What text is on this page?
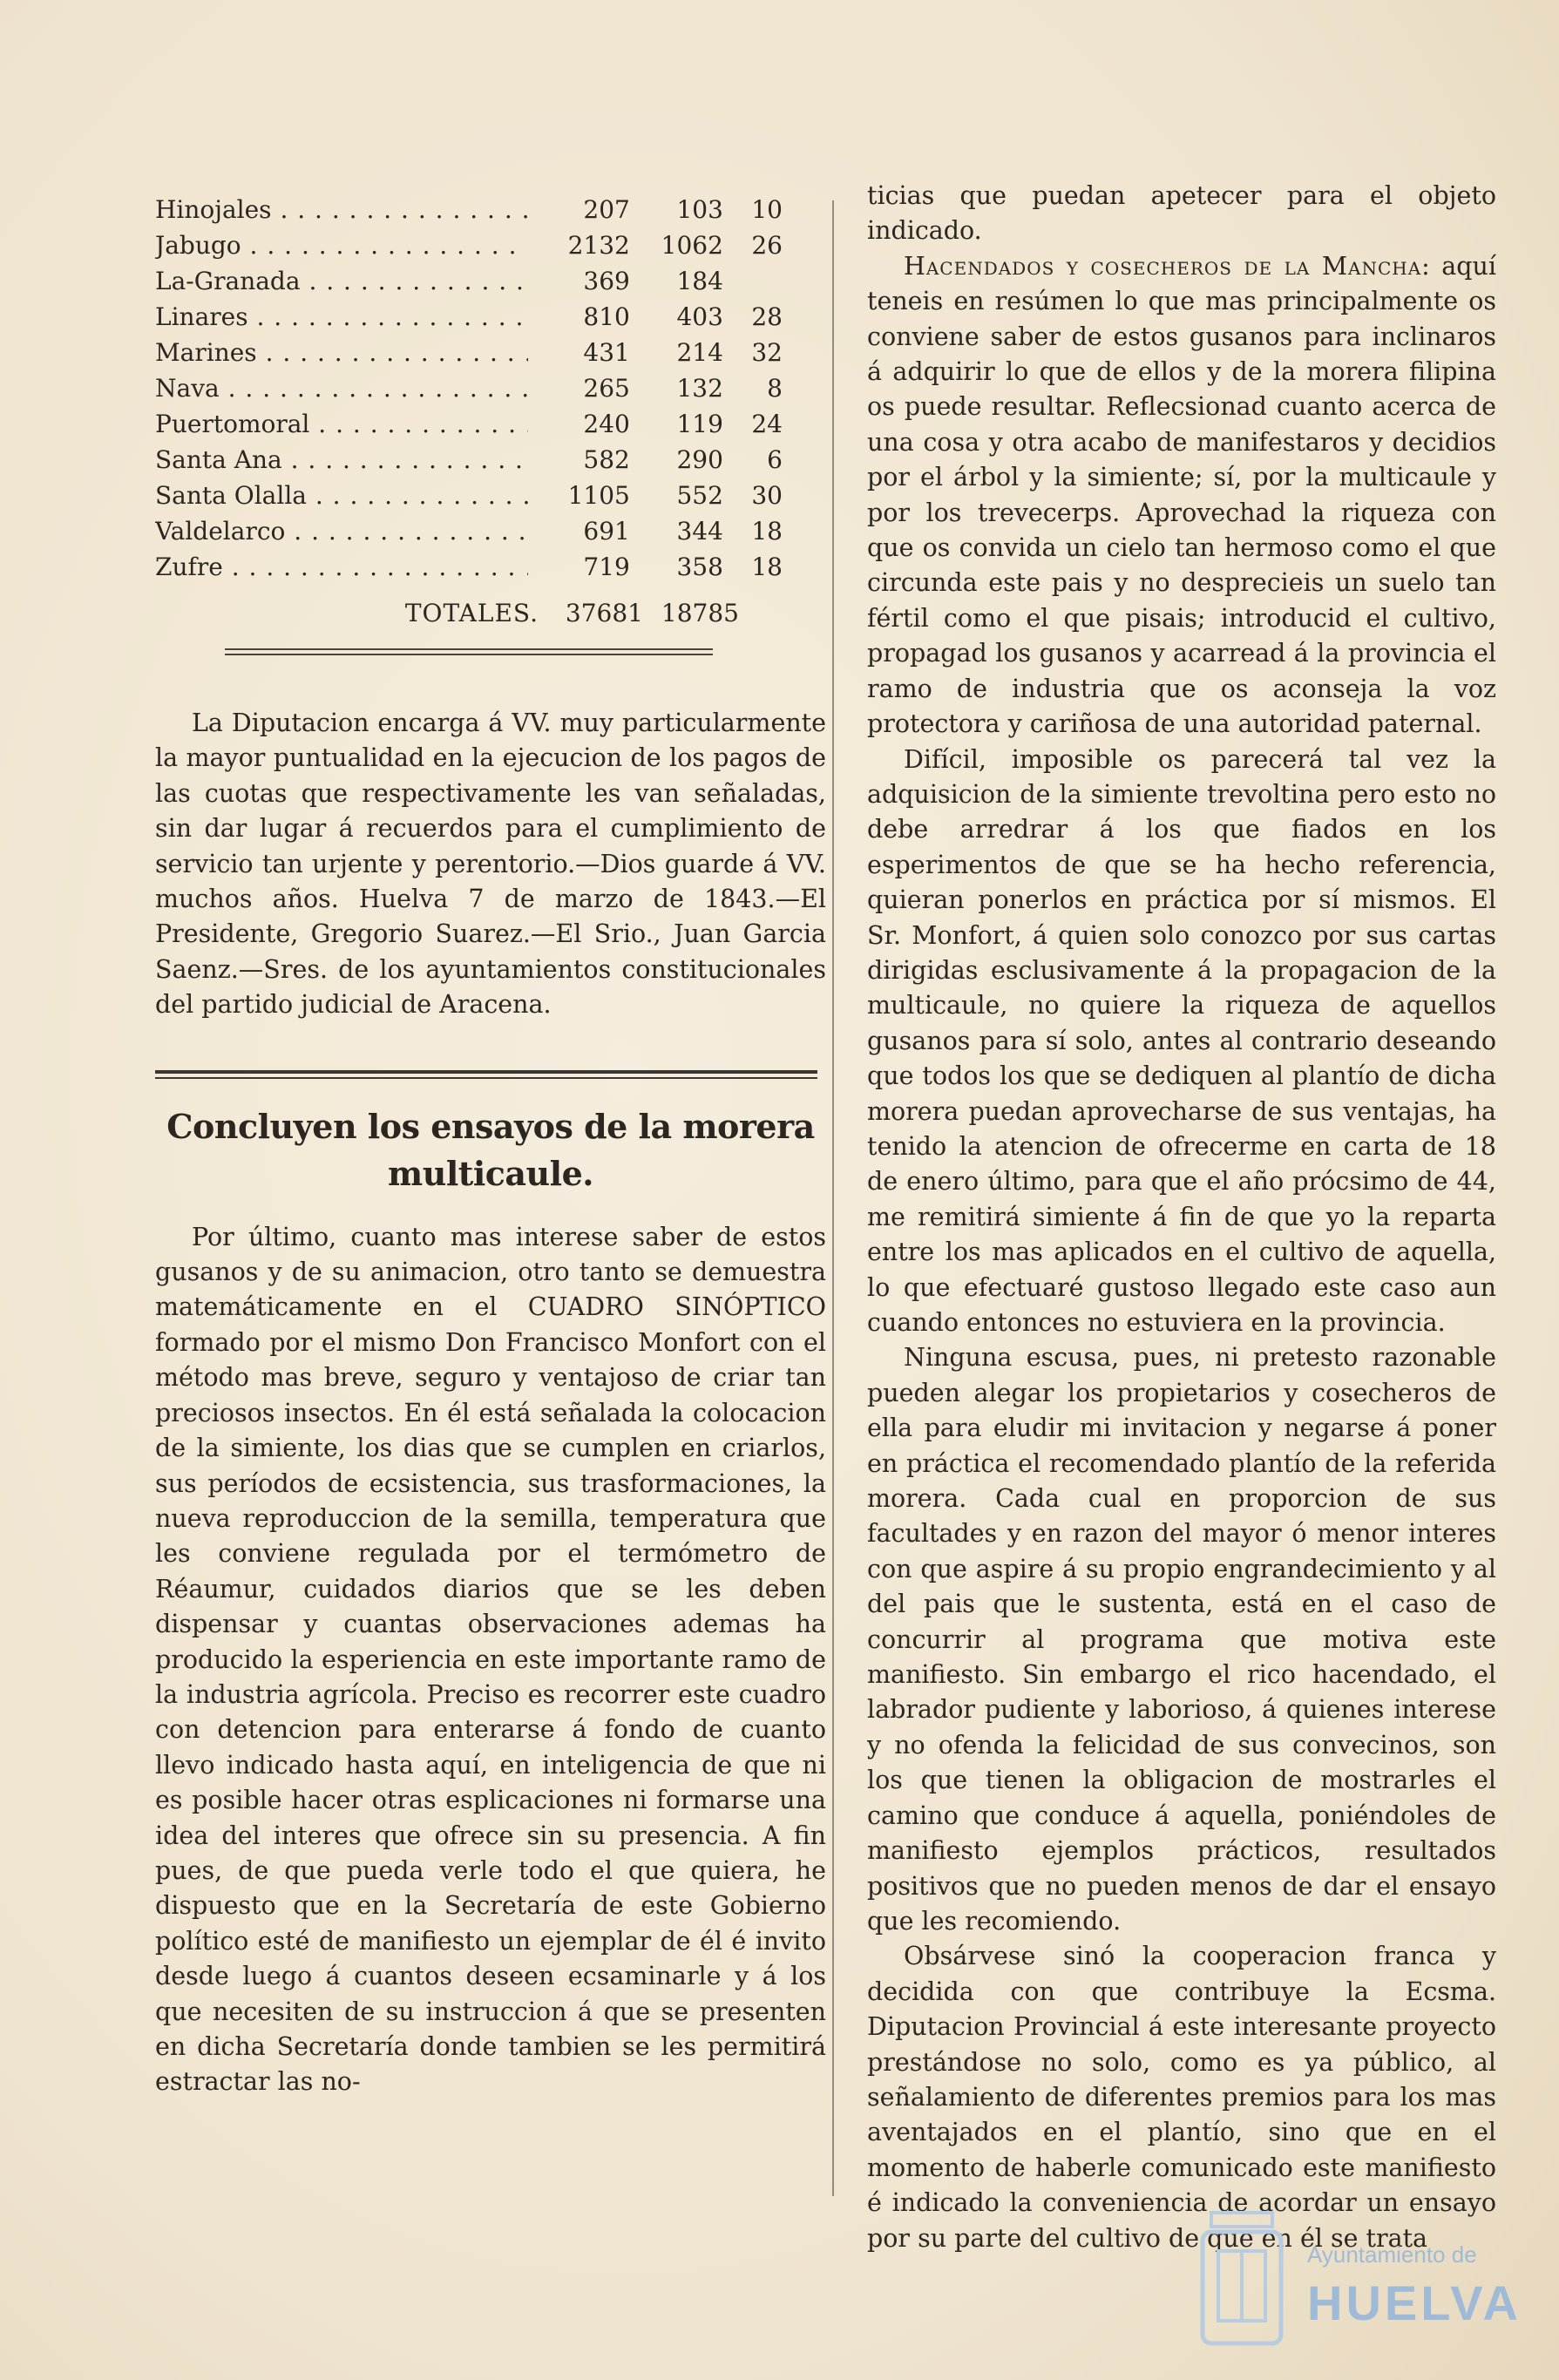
Hinojales . . .	207	103	10
Jabugo . . .	2132	1062	26
La-Granada . . .	369	184
Linares . . .	810	403	28
Marines . . .	431	214	32
Nava . . .	265	132	8
Puertomoral . . .	240	119	24
Santa Ana . . .	582	290	6
Santa Olalla . . .	1105	552	30
Valdelarco . . .	691	344	18
Zufre . . .	719	358	18
TOTALES.	37681 18785

La Diputacion encarga á VV. muy particularmente la mayor puntualidad en la ejecucion de los pagos de las cuotas que respectivamente les van señaladas, sin dar lugar á recuerdos para el cumplimiento de servicio tan urjente y perentorio.—Dios guarde á VV. muchos años. Huelva 7 de marzo de 1843.—El Presidente, Gregorio Suarez.—El Srio., Juan Garcia Saenz.—Sres. de los ayuntamientos constitucionales del partido judicial de Aracena.

Concluyen los ensayos de la morera multicaule.

Por último, cuanto mas interese saber de estos gusanos y de su animacion, otro tanto se demuestra matemáticamente en el CUADRO SINÓPTICO formado por el mismo Don Francisco Monfort con el método mas breve, seguro y ventajoso de criar tan preciosos insectos. En él está señalada la colocacion de la simiente, los dias que se cumplen en criarlos, sus períodos de ecsistencia, sus trasformaciones, la nueva reproduccion de la semilla, temperatura que les conviene regulada por el termómetro de Réaumur, cuidados diarios que se les deben dispensar y cuantas observaciones ademas ha producido la esperiencia en este importante ramo de la industria agrícola. Preciso es recorrer este cuadro con detencion para enterarse á fondo de cuanto llevo indicado hasta aquí, en inteligencia de que ni es posible hacer otras esplicaciones ni formarse una idea del interes que ofrece sin su presencia. A fin pues, de que pueda verle todo el que quiera, he dispuesto que en la Secretaría de este Gobierno político esté de manifiesto un ejemplar de él é invito desde luego á cuantos deseen ecsaminarle y á los que necesiten de su instruccion á que se presenten en dicha Secretaría donde tambien se les permitirá estractar las no-

ticias que puedan apetecer para el objeto indicado.

Hacendados y cosecheros de la Mancha: aquí teneis en resúmen lo que mas principalmente os conviene saber de estos gusanos para inclinaros á adquirir lo que de ellos y de la morera filipina os puede resultar. Reflecsionad cuanto acerca de una cosa y otra acabo de manifestaros y decidios por el árbol y la simiente; sí, por la multicaule y por los trevecerps. Aprovechad la riqueza con que os convida un cielo tan hermoso como el que circunda este pais y no desprecieis un suelo tan fértil como el que pisais; introducid el cultivo, propagad los gusanos y acarread á la provincia el ramo de industria que os aconseja la voz protectora y cariñosa de una autoridad paternal.

Difícil, imposible os parecerá tal vez la adquisicion de la simiente trevoltina pero esto no debe arredrar á los que fiados en los esperimentos de que se ha hecho referencia, quieran ponerlos en práctica por sí mismos. El Sr. Monfort, á quien solo conozco por sus cartas dirigidas esclusivamente á la propagacion de la multicaule, no quiere la riqueza de aquellos gusanos para sí solo, antes al contrario deseando que todos los que se dediquen al plantío de dicha morera puedan aprovecharse de sus ventajas, ha tenido la atencion de ofrecerme en carta de 18 de enero último, para que el año prócsimo de 44, me remitirá simiente á fin de que yo la reparta entre los mas aplicados en el cultivo de aquella, lo que efectuaré gustoso llegado este caso aun cuando entonces no estuviera en la provincia.

Ninguna escusa, pues, ni pretesto razonable pueden alegar los propietarios y cosecheros de ella para eludir mi invitacion y negarse á poner en práctica el recomendado plantío de la referida morera. Cada cual en proporcion de sus facultades y en razon del mayor ó menor interes con que aspire á su propio engrandecimiento y al del pais que le sustenta, está en el caso de concurrir al programa que motiva este manifiesto. Sin embargo el rico hacendado, el labrador pudiente y laborioso, á quienes interese y no ofenda la felicidad de sus convecinos, son los que tienen la obligacion de mostrarles el camino que conduce á aquella, poniéndoles de manifiesto ejemplos prácticos, resultados positivos que no pueden menos de dar el ensayo que les recomiendo.

Obsárvese sinó la cooperacion franca y decidida con que contribuye la Ecsma. Diputacion Provincial á este interesante proyecto prestándose no solo, como es ya público, al señalamiento de diferentes premios para los mas aventajados en el plantío, sino que en el momento de haberle comunicado este manifiesto é indicado la conveniencia de acordar un ensayo por su parte del cultivo de que en él se trata

Ayuntamiento de
HUELVA
